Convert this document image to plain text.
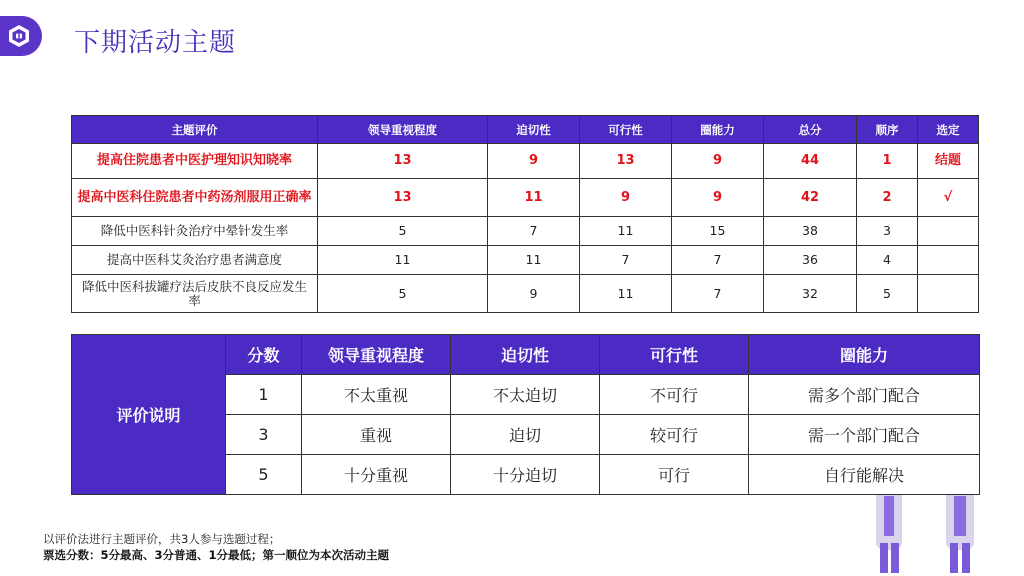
下期活动主题
主题评价	领导重视程度	迫切性	可行性	圈能力	总分	顺序	选定
提高住院患者中医护理知识知晓率	13	9	13	9	44	1	结题
提高中医科住院患者中药汤剂服用正确率	13	11	9	9	42	2	√
降低中医科针灸治疗中晕针发生率	5	7	11	15	38	3	
提高中医科艾灸治疗患者满意度	11	11	7	7	36	4	
降低中医科拔罐疗法后皮肤不良反应发生率	5	9	11	7	32	5	
评价说明	分数	领导重视程度	迫切性	可行性	圈能力
	1	不太重视	不太迫切	不可行	需多个部门配合
	3	重视	迫切	较可行	需一个部门配合
	5	十分重视	十分迫切	可行	自行能解决
以评价法进行主题评价，共3人参与选题过程；
票选分数：5分最高、3分普通、1分最低；第一顺位为本次活动主题
